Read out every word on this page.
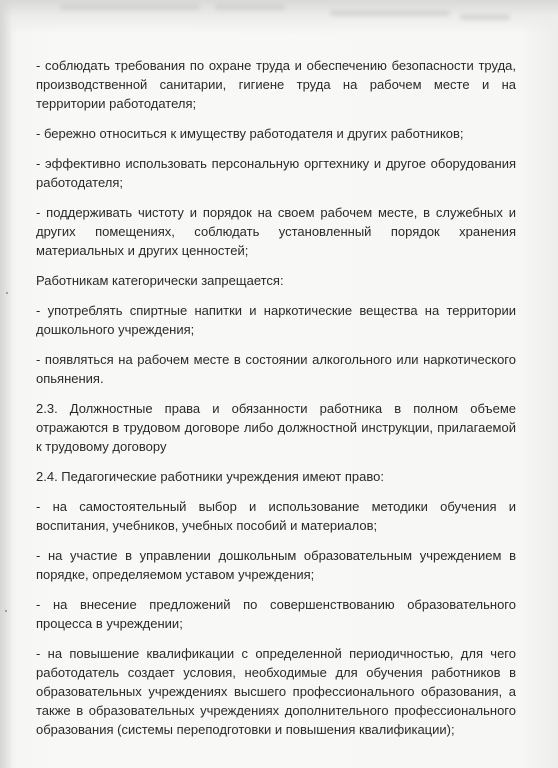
- соблюдать требования по охране труда и обеспечению безопасности труда, производственной санитарии, гигиене труда на рабочем месте и на территории работодателя;

- бережно относиться к имуществу работодателя и других работников;

- эффективно использовать персональную оргтехнику и другое оборудования работодателя;

- поддерживать чистоту и порядок на своем рабочем месте, в служебных и других помещениях, соблюдать установленный порядок хранения материальных и других ценностей;

Работникам категорически запрещается:

- употреблять спиртные напитки и наркотические вещества на территории дошкольного учреждения;

- появляться на рабочем месте в состоянии алкогольного или наркотического опьянения.

2.3. Должностные права и обязанности работника в полном объеме отражаются в трудовом договоре либо должностной инструкции, прилагаемой к трудовому договору

2.4. Педагогические работники учреждения имеют право:

- на самостоятельный выбор и использование методики обучения и воспитания, учебников, учебных пособий и материалов;

- на участие в управлении дошкольным образовательным учреждением в порядке, определяемом уставом учреждения;

- на внесение предложений по совершенствованию образовательного процесса в учреждении;

- на повышение квалификации с определенной периодичностью, для чего работодатель создает условия, необходимые для обучения работников в образовательных учреждениях высшего профессионального образования, а также в образовательных учреждениях дополнительного профессионального образования (системы переподготовки и повышения квалификации);
